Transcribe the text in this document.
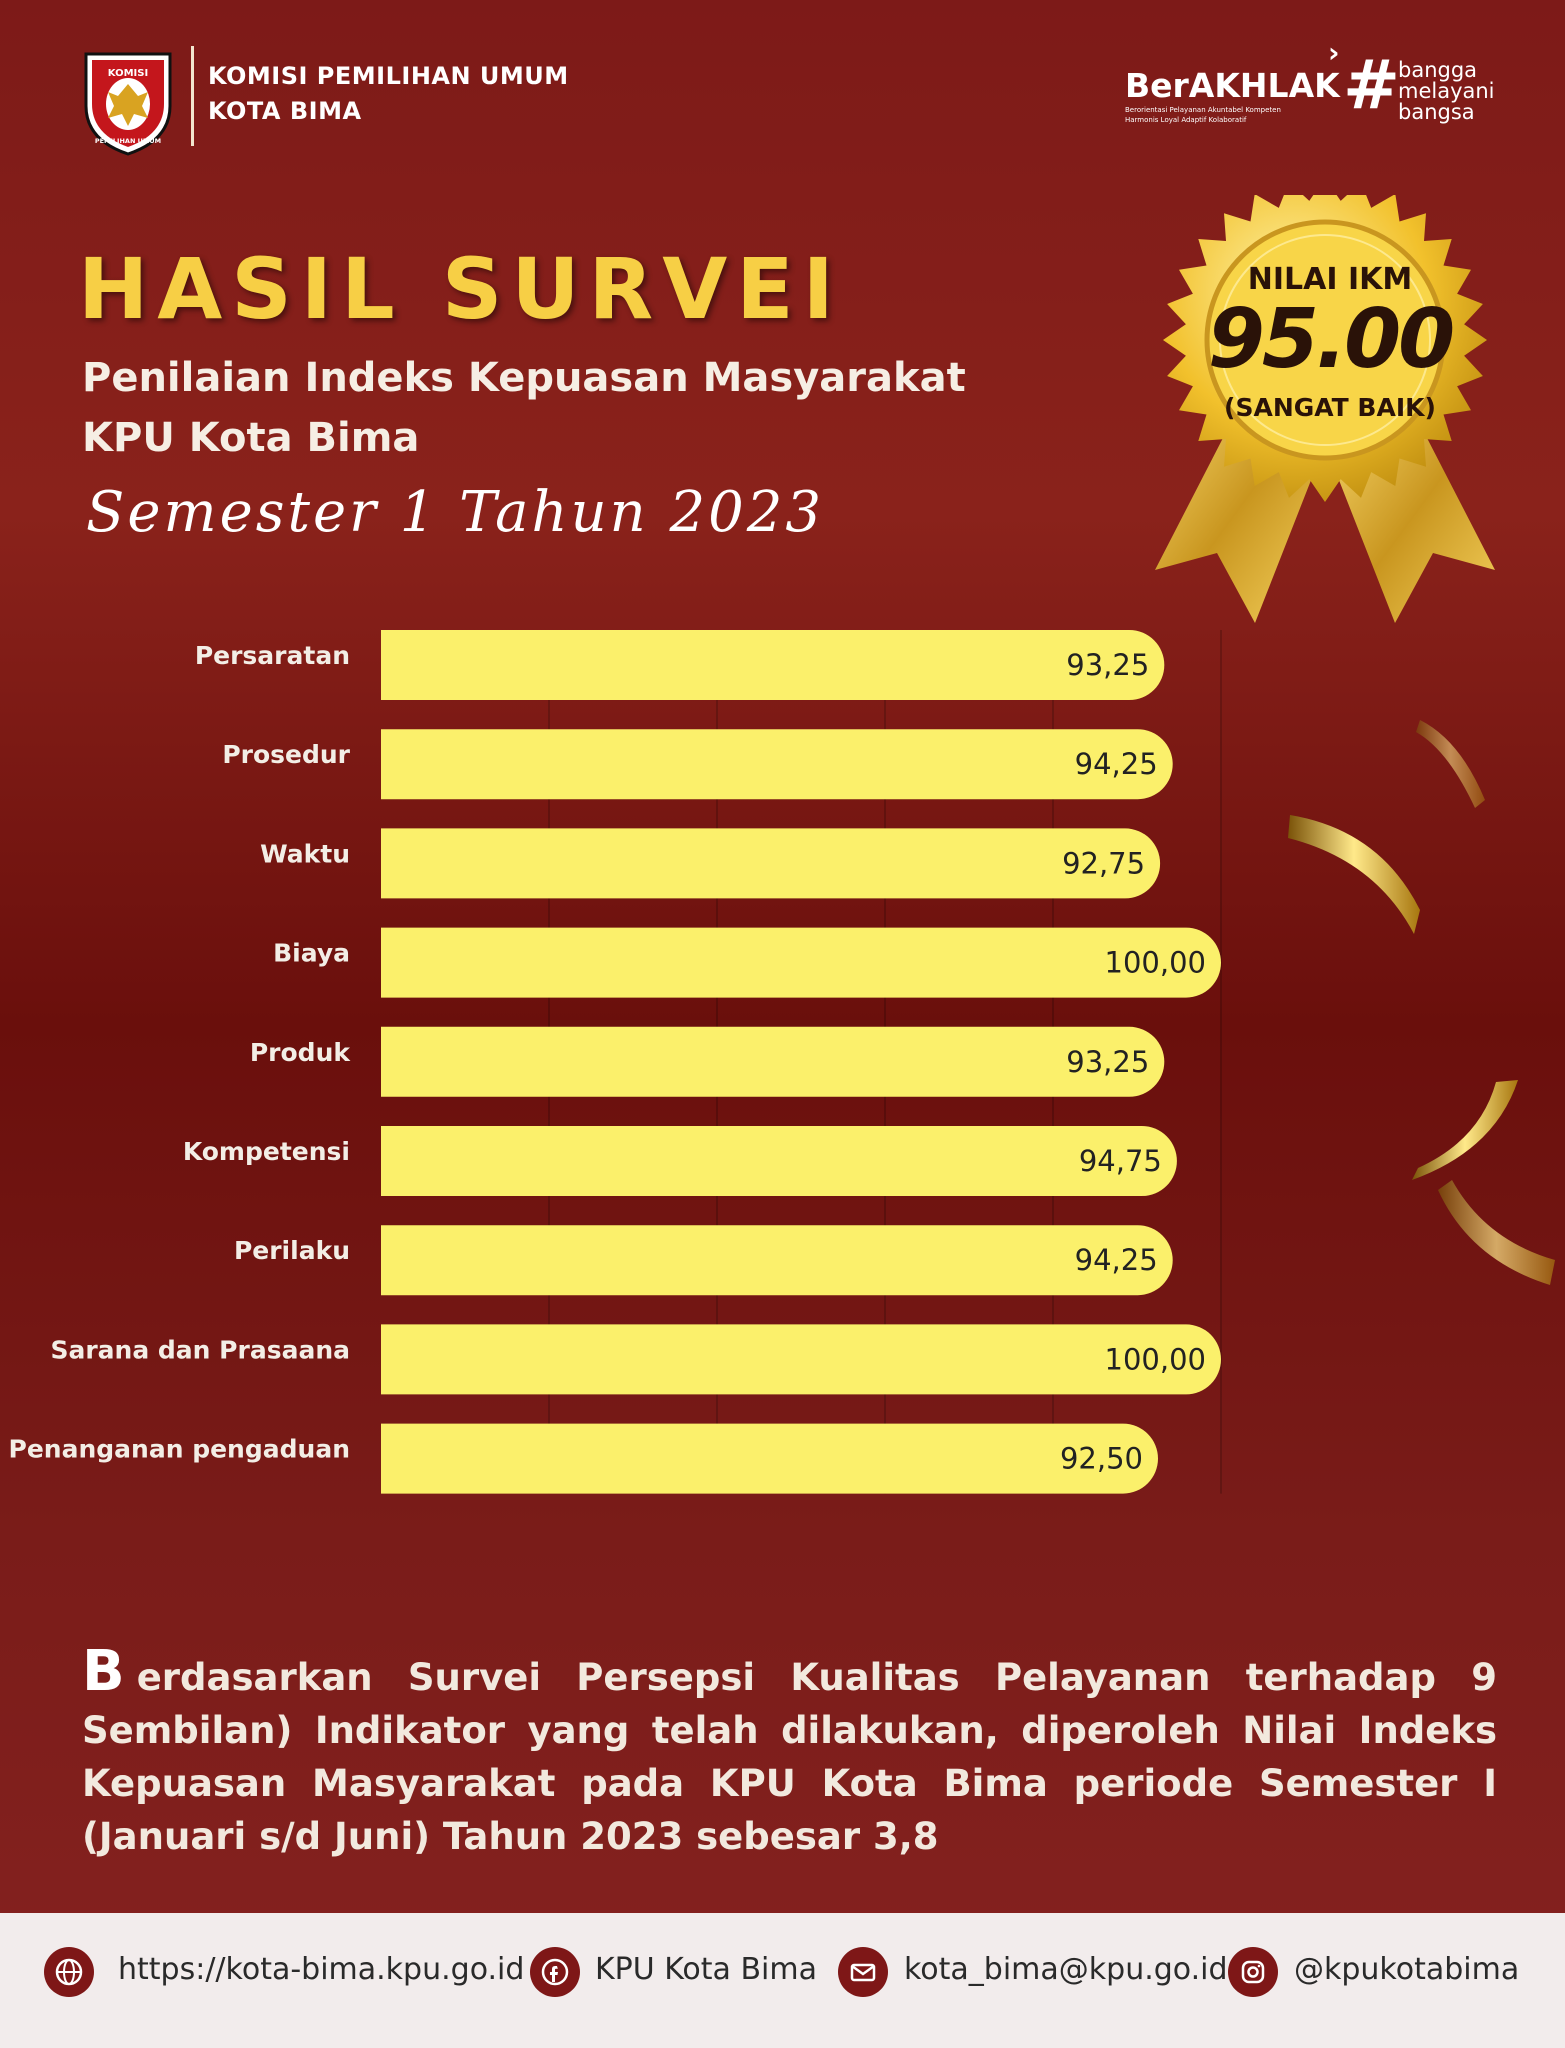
KOMISI
PEMILIHAN UMUM
KOMISI PEMILIHAN UMUM
KOTA BIMA
BerAKHLAK
›
Berorientasi Pelayanan Akuntabel Kompeten
Harmonis Loyal Adaptif Kolaboratif #
bangga
melayani
bangsa
HASIL SURVEI
Penilaian Indeks Kepuasan Masyarakat
KPU Kota Bima
Semester 1 Tahun 2023
NILAI IKM
95.00
(SANGAT BAIK)
93,25
Persaratan
94,25
Prosedur
92,75
Waktu
100,00
Biaya
93,25
Produk
94,75
Kompetensi
94,25
Perilaku
100,00
Sarana dan Prasaana
92,50
Penanganan pengaduan
Berdasarkan Survei Persepsi Kualitas Pelayanan terhadap 9 Sembilan) Indikator yang telah dilakukan, diperoleh Nilai Indeks Kepuasan Masyarakat pada KPU Kota Bima periode Semester I (Januari s/d Juni) Tahun 2023 sebesar 3,8
https://kota-bima.kpu.go.id KPU Kota Bima	kota_bima@kpu.go.id @kpukotabima
